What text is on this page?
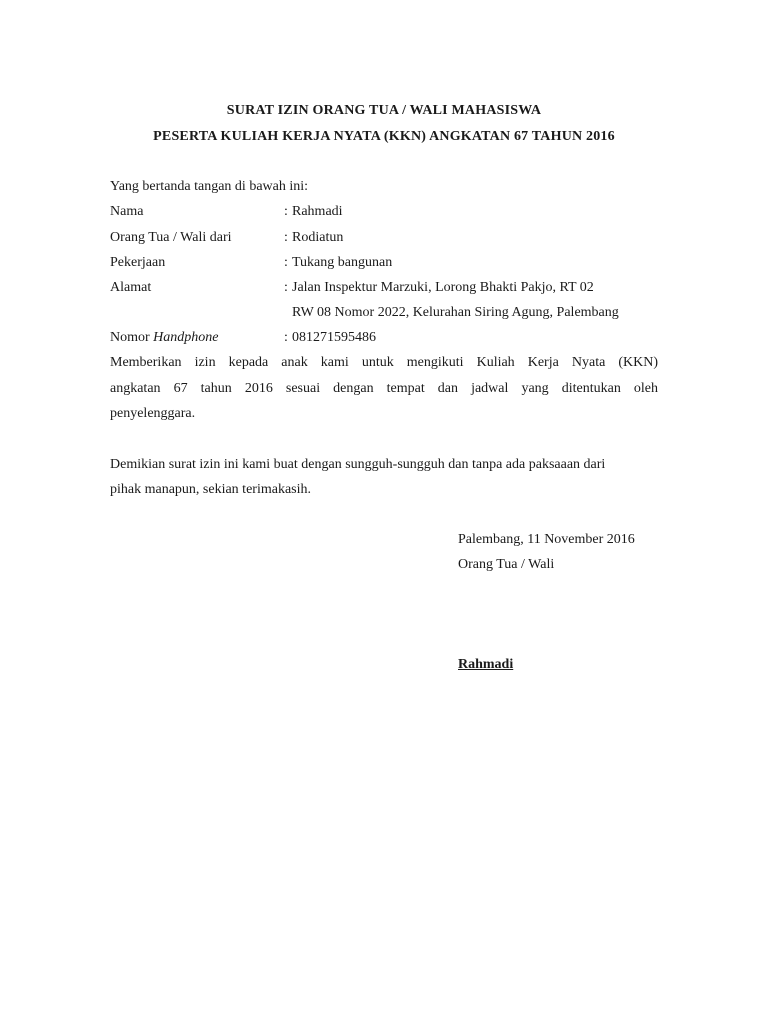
SURAT IZIN ORANG TUA / WALI MAHASISWA
PESERTA KULIAH KERJA NYATA (KKN) ANGKATAN 67 TAHUN 2016
Yang bertanda tangan di bawah ini:
Nama	: Rahmadi
Orang Tua / Wali dari	: Rodiatun
Pekerjaan	: Tukang bangunan
Alamat	: Jalan Inspektur Marzuki, Lorong Bhakti Pakjo, RT 02
RW 08 Nomor 2022, Kelurahan Siring Agung, Palembang
Nomor Handphone	: 081271595486
Memberikan izin kepada anak kami untuk mengikuti Kuliah Kerja Nyata (KKN)
angkatan 67 tahun 2016 sesuai dengan tempat dan jadwal yang ditentukan oleh
penyelenggara.
Demikian surat izin ini kami buat dengan sungguh-sungguh dan tanpa ada paksaaan dari
pihak manapun, sekian terimakasih.
Palembang, 11 November 2016
Orang Tua / Wali
Rahmadi
